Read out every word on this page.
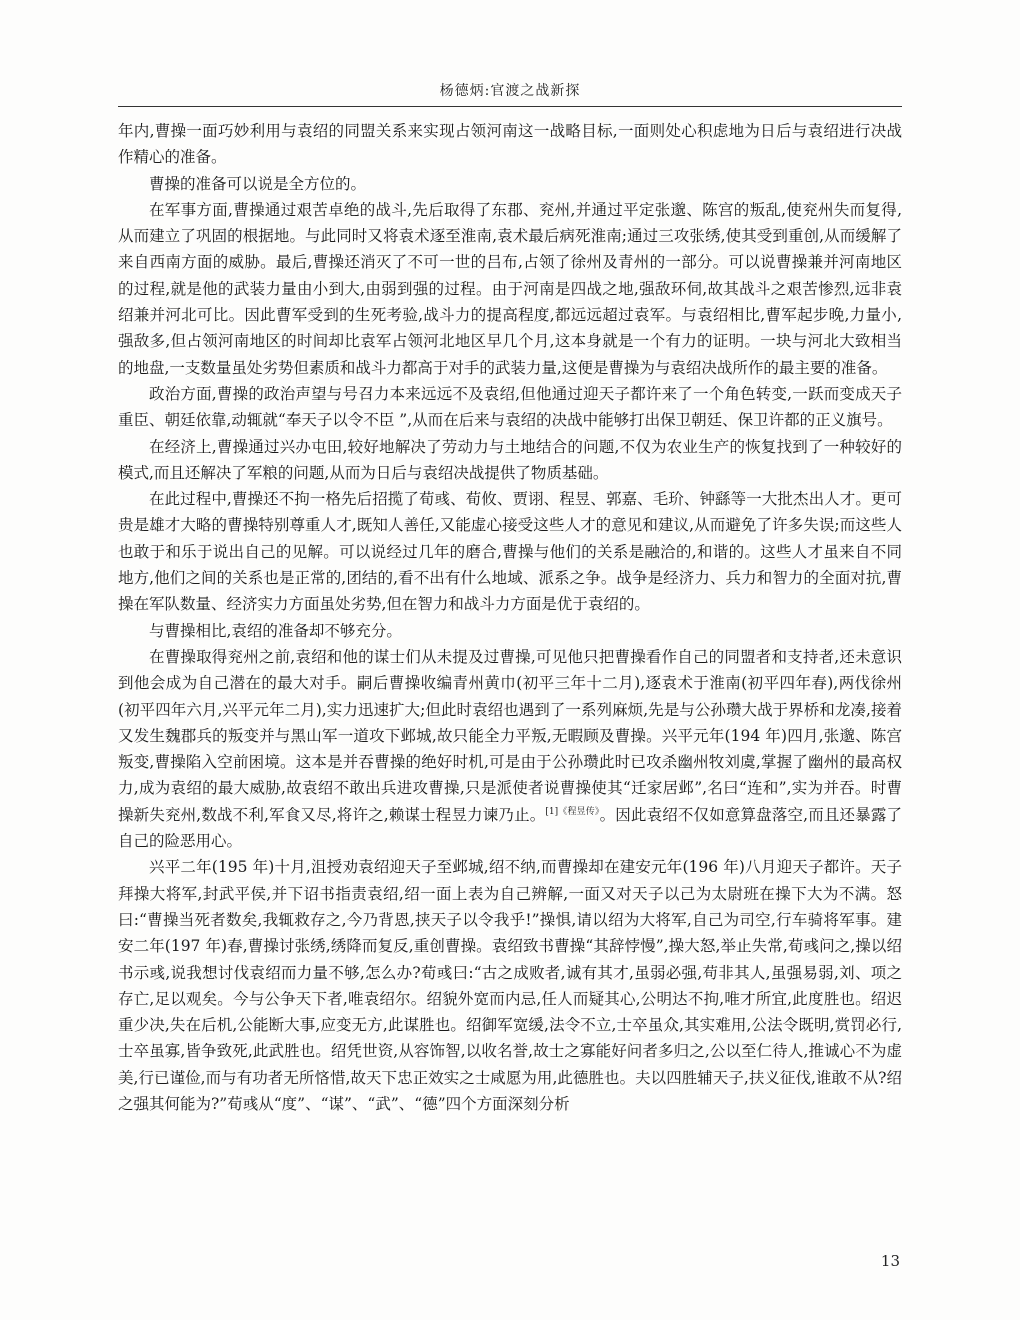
杨德炳:官渡之战新探

年内,曹操一面巧妙利用与袁绍的同盟关系来实现占领河南这一战略目标,一面则处心积虑地为日后与袁绍进行决战作精心的准备。

曹操的准备可以说是全方位的。

在军事方面,曹操通过艰苦卓绝的战斗,先后取得了东郡、兖州,并通过平定张邈、陈宫的叛乱,使兖州失而复得,从而建立了巩固的根据地。与此同时又将袁术逐至淮南,袁术最后病死淮南;通过三攻张绣,使其受到重创,从而缓解了来自西南方面的威胁。最后,曹操还消灭了不可一世的吕布,占领了徐州及青州的一部分。可以说曹操兼并河南地区的过程,就是他的武装力量由小到大,由弱到强的过程。由于河南是四战之地,强敌环伺,故其战斗之艰苦惨烈,远非袁绍兼并河北可比。因此曹军受到的生死考验,战斗力的提高程度,都远远超过袁军。与袁绍相比,曹军起步晚,力量小,强敌多,但占领河南地区的时间却比袁军占领河北地区早几个月,这本身就是一个有力的证明。一块与河北大致相当的地盘,一支数量虽处劣势但素质和战斗力都高于对手的武装力量,这便是曹操为与袁绍决战所作的最主要的准备。

政治方面,曹操的政治声望与号召力本来远远不及袁绍,但他通过迎天子都许来了一个角色转变,一跃而变成天子重臣、朝廷依靠,动辄就“奉天子以令不臣 ”,从而在后来与袁绍的决战中能够打出保卫朝廷、保卫许都的正义旗号。

在经济上,曹操通过兴办屯田,较好地解决了劳动力与土地结合的问题,不仅为农业生产的恢复找到了一种较好的模式,而且还解决了军粮的问题,从而为日后与袁绍决战提供了物质基础。

在此过程中,曹操还不拘一格先后招揽了荀彧、荀攸、贾诩、程昱、郭嘉、毛玠、钟繇等一大批杰出人才。更可贵是雄才大略的曹操特别尊重人才,既知人善任,又能虚心接受这些人才的意见和建议,从而避免了许多失误;而这些人也敢于和乐于说出自己的见解。可以说经过几年的磨合,曹操与他们的关系是融洽的,和谐的。这些人才虽来自不同地方,他们之间的关系也是正常的,团结的,看不出有什么地域、派系之争。战争是经济力、兵力和智力的全面对抗,曹操在军队数量、经济实力方面虽处劣势,但在智力和战斗力方面是优于袁绍的。

与曹操相比,袁绍的准备却不够充分。

在曹操取得兖州之前,袁绍和他的谋士们从未提及过曹操,可见他只把曹操看作自己的同盟者和支持者,还未意识到他会成为自己潜在的最大对手。嗣后曹操收编青州黄巾(初平三年十二月),逐袁术于淮南(初平四年春),两伐徐州(初平四年六月,兴平元年二月),实力迅速扩大;但此时袁绍也遇到了一系列麻烦,先是与公孙瓒大战于界桥和龙凑,接着又发生魏郡兵的叛变并与黑山军一道攻下邺城,故只能全力平叛,无暇顾及曹操。兴平元年(194 年)四月,张邈、陈宫叛变,曹操陷入空前困境。这本是并吞曹操的绝好时机,可是由于公孙瓒此时已攻杀幽州牧刘虞,掌握了幽州的最高权力,成为袁绍的最大威胁,故袁绍不敢出兵进攻曹操,只是派使者说曹操使其“迁家居邺”,名曰“连和”,实为并吞。时曹操新失兖州,数战不利,军食又尽,将许之,赖谋士程昱力谏乃止。$^{[1]《程昱传》}$。因此袁绍不仅如意算盘落空,而且还暴露了自己的险恶用心。

兴平二年(195 年)十月,沮授劝袁绍迎天子至邺城,绍不纳,而曹操却在建安元年(196 年)八月迎天子都许。天子拜操大将军,封武平侯,并下诏书指责袁绍,绍一面上表为自己辨解,一面又对天子以己为太尉班在操下大为不满。怒曰:“曹操当死者数矣,我辄救存之,今乃背恩,挟天子以令我乎!”操惧,请以绍为大将军,自己为司空,行车骑将军事。建安二年(197 年)春,曹操讨张绣,绣降而复反,重创曹操。袁绍致书曹操“其辞悖慢”,操大怒,举止失常,荀彧问之,操以绍书示彧,说我想讨伐袁绍而力量不够,怎么办?荀彧曰:“古之成败者,诚有其才,虽弱必强,苟非其人,虽强易弱,刘、项之存亡,足以观矣。今与公争天下者,唯袁绍尔。绍貌外宽而内忌,任人而疑其心,公明达不拘,唯才所宜,此度胜也。绍迟重少决,失在后机,公能断大事,应变无方,此谋胜也。绍御军宽缓,法令不立,士卒虽众,其实难用,公法令既明,赏罚必行,士卒虽寡,皆争致死,此武胜也。绍凭世资,从容饰智,以收名誉,故士之寡能好问者多归之,公以至仁待人,推诚心不为虚美,行已谨俭,而与有功者无所悋惜,故天下忠正效实之士咸愿为用,此德胜也。夫以四胜辅天子,扶义征伐,谁敢不从?绍之强其何能为?”荀彧从“度”、“谋”、“武”、“德”四个方面深刻分析

13
